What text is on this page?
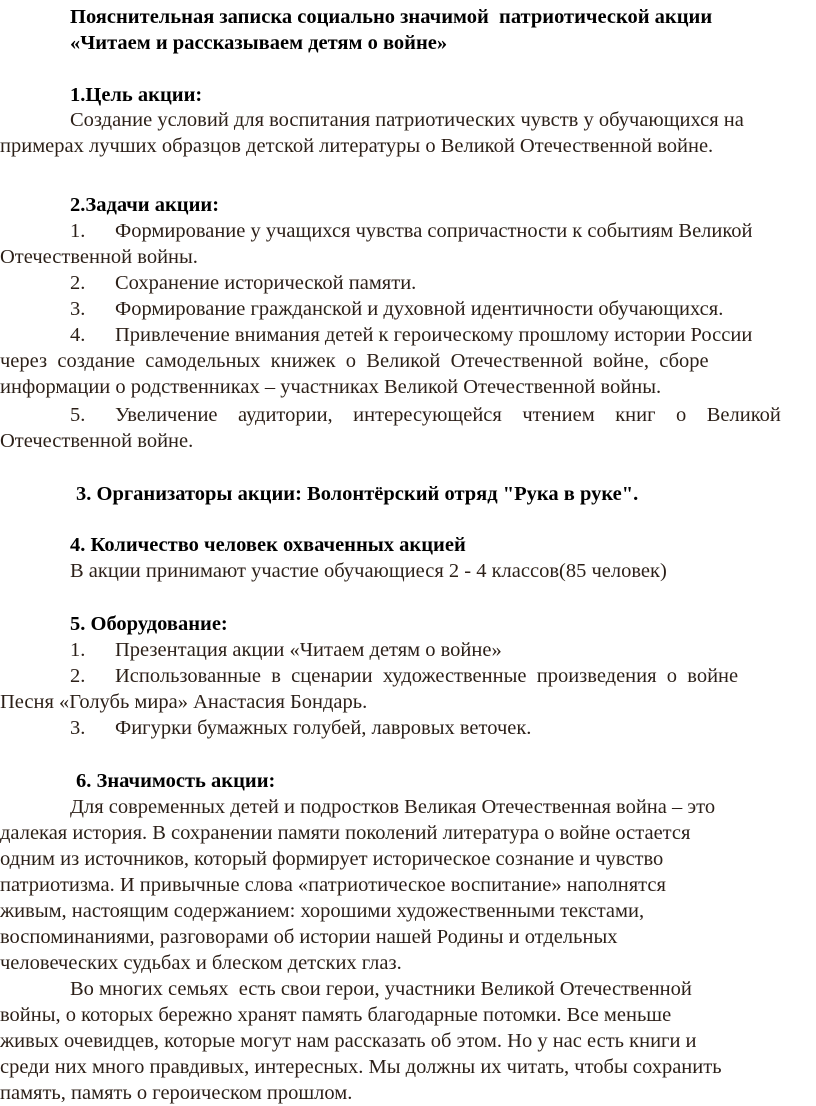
Пояснительная записка социально значимой  патриотической акции
«Читаем и рассказываем детям о войне»
1.Цель акции:
Создание условий для воспитания патриотических чувств у обучающихся на
примерах лучших образцов детской литературы о Великой Отечественной войне.
2.Задачи акции:
1.	Формирование у учащихся чувства сопричастности к событиям Великой
Отечественной войны.
2.	Сохранение исторической памяти.
3.	Формирование гражданской и духовной идентичности обучающихся.
4.	Привлечение внимания детей к героическому прошлому истории России
через  создание  самодельных  книжек  о  Великой  Отечественной  войне,  сборе
информации о родственниках – участниках Великой Отечественной войны.
5.	Увеличение    аудитории,    интересующейся    чтением    книг    о    Великой
Отечественной войне.
3. Организаторы акции: Волонтёрский отряд "Рука в руке".
4. Количество человек охваченных акцией
В акции принимают участие обучающиеся 2 - 4 классов(85 человек)
5. Оборудование:
1.	Презентация акции «Читаем детям о войне»
2.	Использованные  в  сценарии  художественные  произведения  о  войне
Песня «Голубь мира» Анастасия Бондарь.
3.	Фигурки бумажных голубей, лавровых веточек.
6. Значимость акции:
Для современных детей и подростков Великая Отечественная война – это
далекая история. В сохранении памяти поколений литература о войне остается
одним из источников, который формирует историческое сознание и чувство
патриотизма. И привычные слова «патриотическое воспитание» наполнятся
живым, настоящим содержанием: хорошими художественными текстами,
воспоминаниями, разговорами об истории нашей Родины и отдельных
человеческих судьбах и блеском детских глаз.
Во многих семьях  есть свои герои, участники Великой Отечественной
войны, о которых бережно хранят память благодарные потомки. Все меньше
живых очевидцев, которые могут нам рассказать об этом. Но у нас есть книги и
среди них много правдивых, интересных. Мы должны их читать, чтобы сохранить
память, память о героическом прошлом.
